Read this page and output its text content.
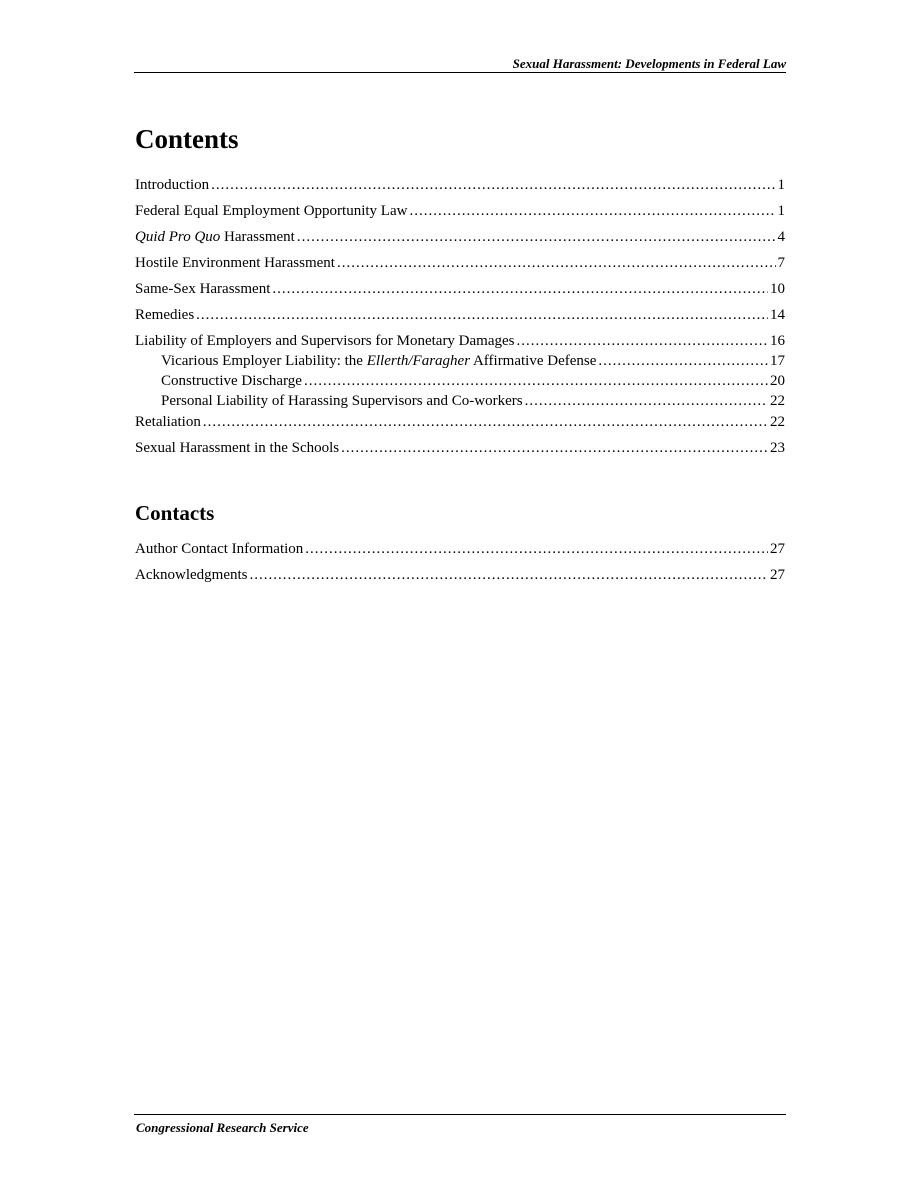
Sexual Harassment: Developments in Federal Law
Contents
Introduction .....	1
Federal Equal Employment Opportunity Law .....	1
Quid Pro Quo Harassment .....	4
Hostile Environment Harassment .....	7
Same-Sex Harassment .....	10
Remedies .....	14
Liability of Employers and Supervisors for Monetary Damages .....	16
Vicarious Employer Liability: the Ellerth/Faragher Affirmative Defense .....	17
Constructive Discharge .....	20
Personal Liability of Harassing Supervisors and Co-workers .....	22
Retaliation .....	22
Sexual Harassment in the Schools .....	23
Contacts
Author Contact Information .....	27
Acknowledgments .....	27
Congressional Research Service
